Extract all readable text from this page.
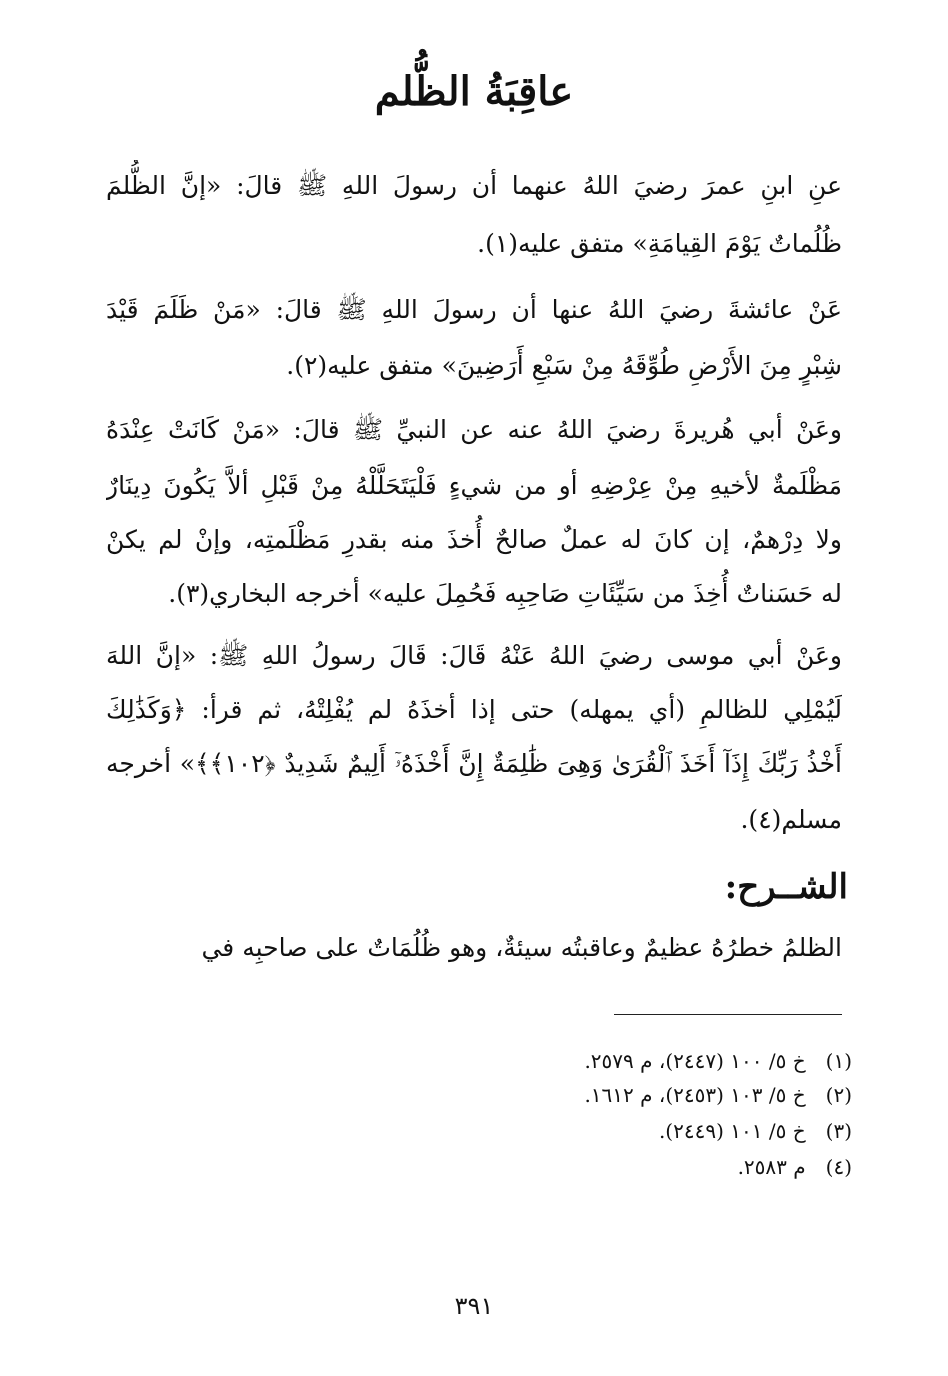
عاقِبَةُ الظُّلم
عنِ ابنِ عمرَ رضيَ اللهُ عنهما أن رسولَ اللهِ ﷺ قالَ: «إنَّ الظُّلمَ
ظُلُماتٌ يَوْمَ القِيامَةِ» متفق عليه(١).
عَنْ عائشةَ رضيَ اللهُ عنها أن رسولَ اللهِ ﷺ قالَ: «مَنْ ظَلَمَ قَيْدَ
شِبْرٍ مِنَ الأَرْضِ طُوِّقَهُ مِنْ سَبْعِ أَرَضِينَ» متفق عليه(٢).
وعَنْ أبي هُريرةَ رضيَ اللهُ عنه عن النبيِّ ﷺ قالَ: «مَنْ كَانَتْ عِنْدَهُ
مَظْلَمةٌ لأخيهِ مِنْ عِرْضِهِ أو من شيءٍ فَلْيَتَحَلَّلْهُ مِنْ قَبْلِ ألاَّ يَكُونَ دِينَارٌ
ولا دِرْهمٌ، إن كانَ له عملٌ صالحٌ أُخذَ منه بقدرِ مَظْلَمتِه، وإنْ لم يكنْ
له حَسَناتٌ أُخِذَ من سَيِّئَاتِ صَاحِبِه فَحُمِلَ عليه» أخرجه البخاري(٣).
وعَنْ أبي موسى رضيَ اللهُ عَنْهُ قَالَ: قَالَ رسولُ اللهِ ﷺ: «إنَّ اللهَ
لَيُمْلِي للظالمِ (أي يمهله) حتى إذا أخذَهُ لم يُفْلِتْهُ، ثم قرأ: ﴿وَكَذَٰلِكَ
أَخْذُ رَبِّكَ إِذَآ أَخَذَ ٱلْقُرَىٰ وَهِىَ ظَٰلِمَةٌ إِنَّ أَخْذَهُۥٓ أَلِيمٌ شَدِيدٌ ﴿١٠٢﴾﴾» أخرجه
مسلم(٤).
الشــرح:
الظلمُ خطرُهُ عظيمٌ وعاقبتُه سيئةٌ، وهو ظُلُمَاتٌ على صاحبِه في
(١) خ ٥/ ١٠٠ (٢٤٤٧)، م ٢٥٧٩.
(٢) خ ٥/ ١٠٣ (٢٤٥٣)، م ١٦١٢.
(٣) خ ٥/ ١٠١ (٢٤٤٩).
(٤) م ٢٥٨٣.
٣٩١
